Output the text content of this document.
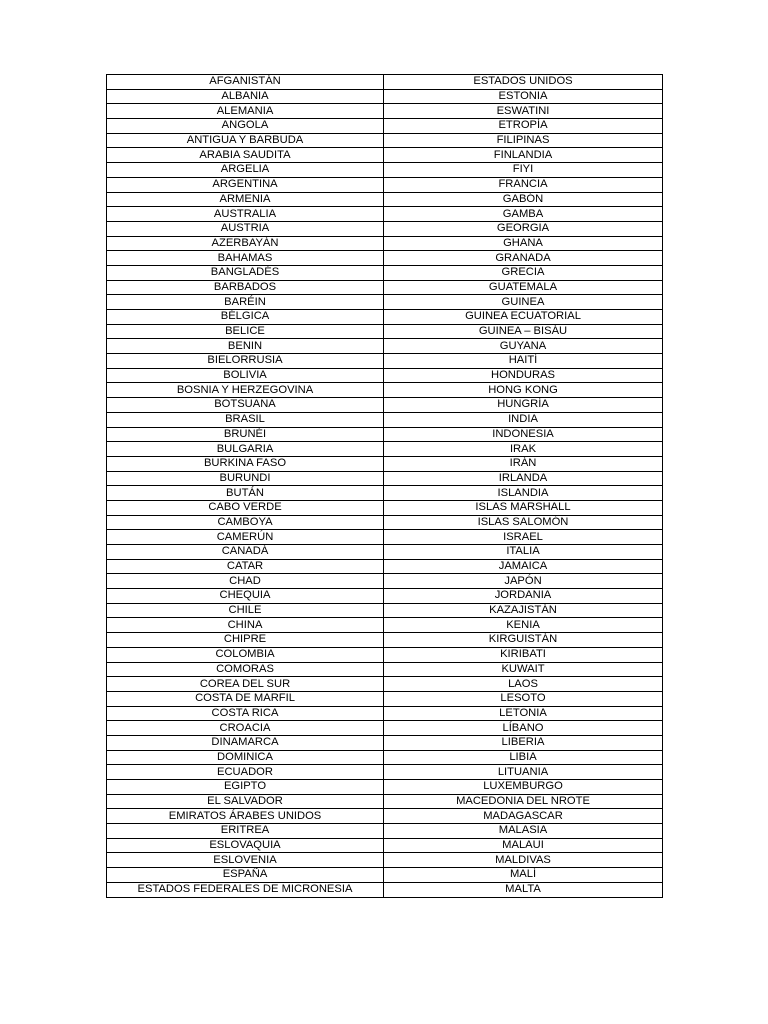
AFGANISTÁN	ESTADOS UNIDOS
ALBANIA	ESTONIA
ALEMANIA	ESWATINI
ANGOLA	ETROPÍA
ANTIGUA Y BARBUDA	FILIPINAS
ARABIA SAUDITA	FINLANDIA
ARGELIA	FIYI
ARGENTINA	FRANCIA
ARMENIA	GABÓN
AUSTRALIA	GAMBA
AUSTRIA	GEORGIA
AZERBAYÁN	GHANA
BAHAMAS	GRANADA
BANGLADÉS	GRECIA
BARBADOS	GUATEMALA
BARÉIN	GUINEA
BÉLGICA	GUINEA ECUATORIAL
BELICE	GUINEA – BISÁU
BENIN	GUYANA
BIELORRUSIA	HAITÍ
BOLIVIA	HONDURAS
BOSNIA Y HERZEGOVINA	HONG KONG
BOTSUANA	HUNGRÍA
BRASIL	INDIA
BRUNÉI	INDONESIA
BULGARIA	IRAK
BURKINA FASO	IRÁN
BURUNDI	IRLANDA
BUTÁN	ISLANDIA
CABO VERDE	ISLAS MARSHALL
CAMBOYA	ISLAS SALOMÓN
CAMERÚN	ISRAEL
CANADÁ	ITALIA
CATAR	JAMAICA
CHAD	JAPÓN
CHEQUIA	JORDANIA
CHILE	KAZAJISTÁN
CHINA	KENIA
CHIPRE	KIRGUISTÁN
COLOMBIA	KIRIBATI
COMORAS	KUWAIT
COREA DEL SUR	LAOS
COSTA DE MARFIL	LESOTO
COSTA RICA	LETONIA
CROACIA	LÍBANO
DINAMARCA	LIBERIA
DOMINICA	LIBIA
ECUADOR	LITUANIA
EGIPTO	LUXEMBURGO
EL SALVADOR	MACEDONIA DEL NROTE
EMIRATOS ÁRABES UNIDOS	MADAGASCAR
ERITREA	MALASIA
ESLOVAQUIA	MALAUI
ESLOVENIA	MALDIVAS
ESPAÑA	MALÍ
ESTADOS FEDERALES DE MICRONESIA	MALTA
